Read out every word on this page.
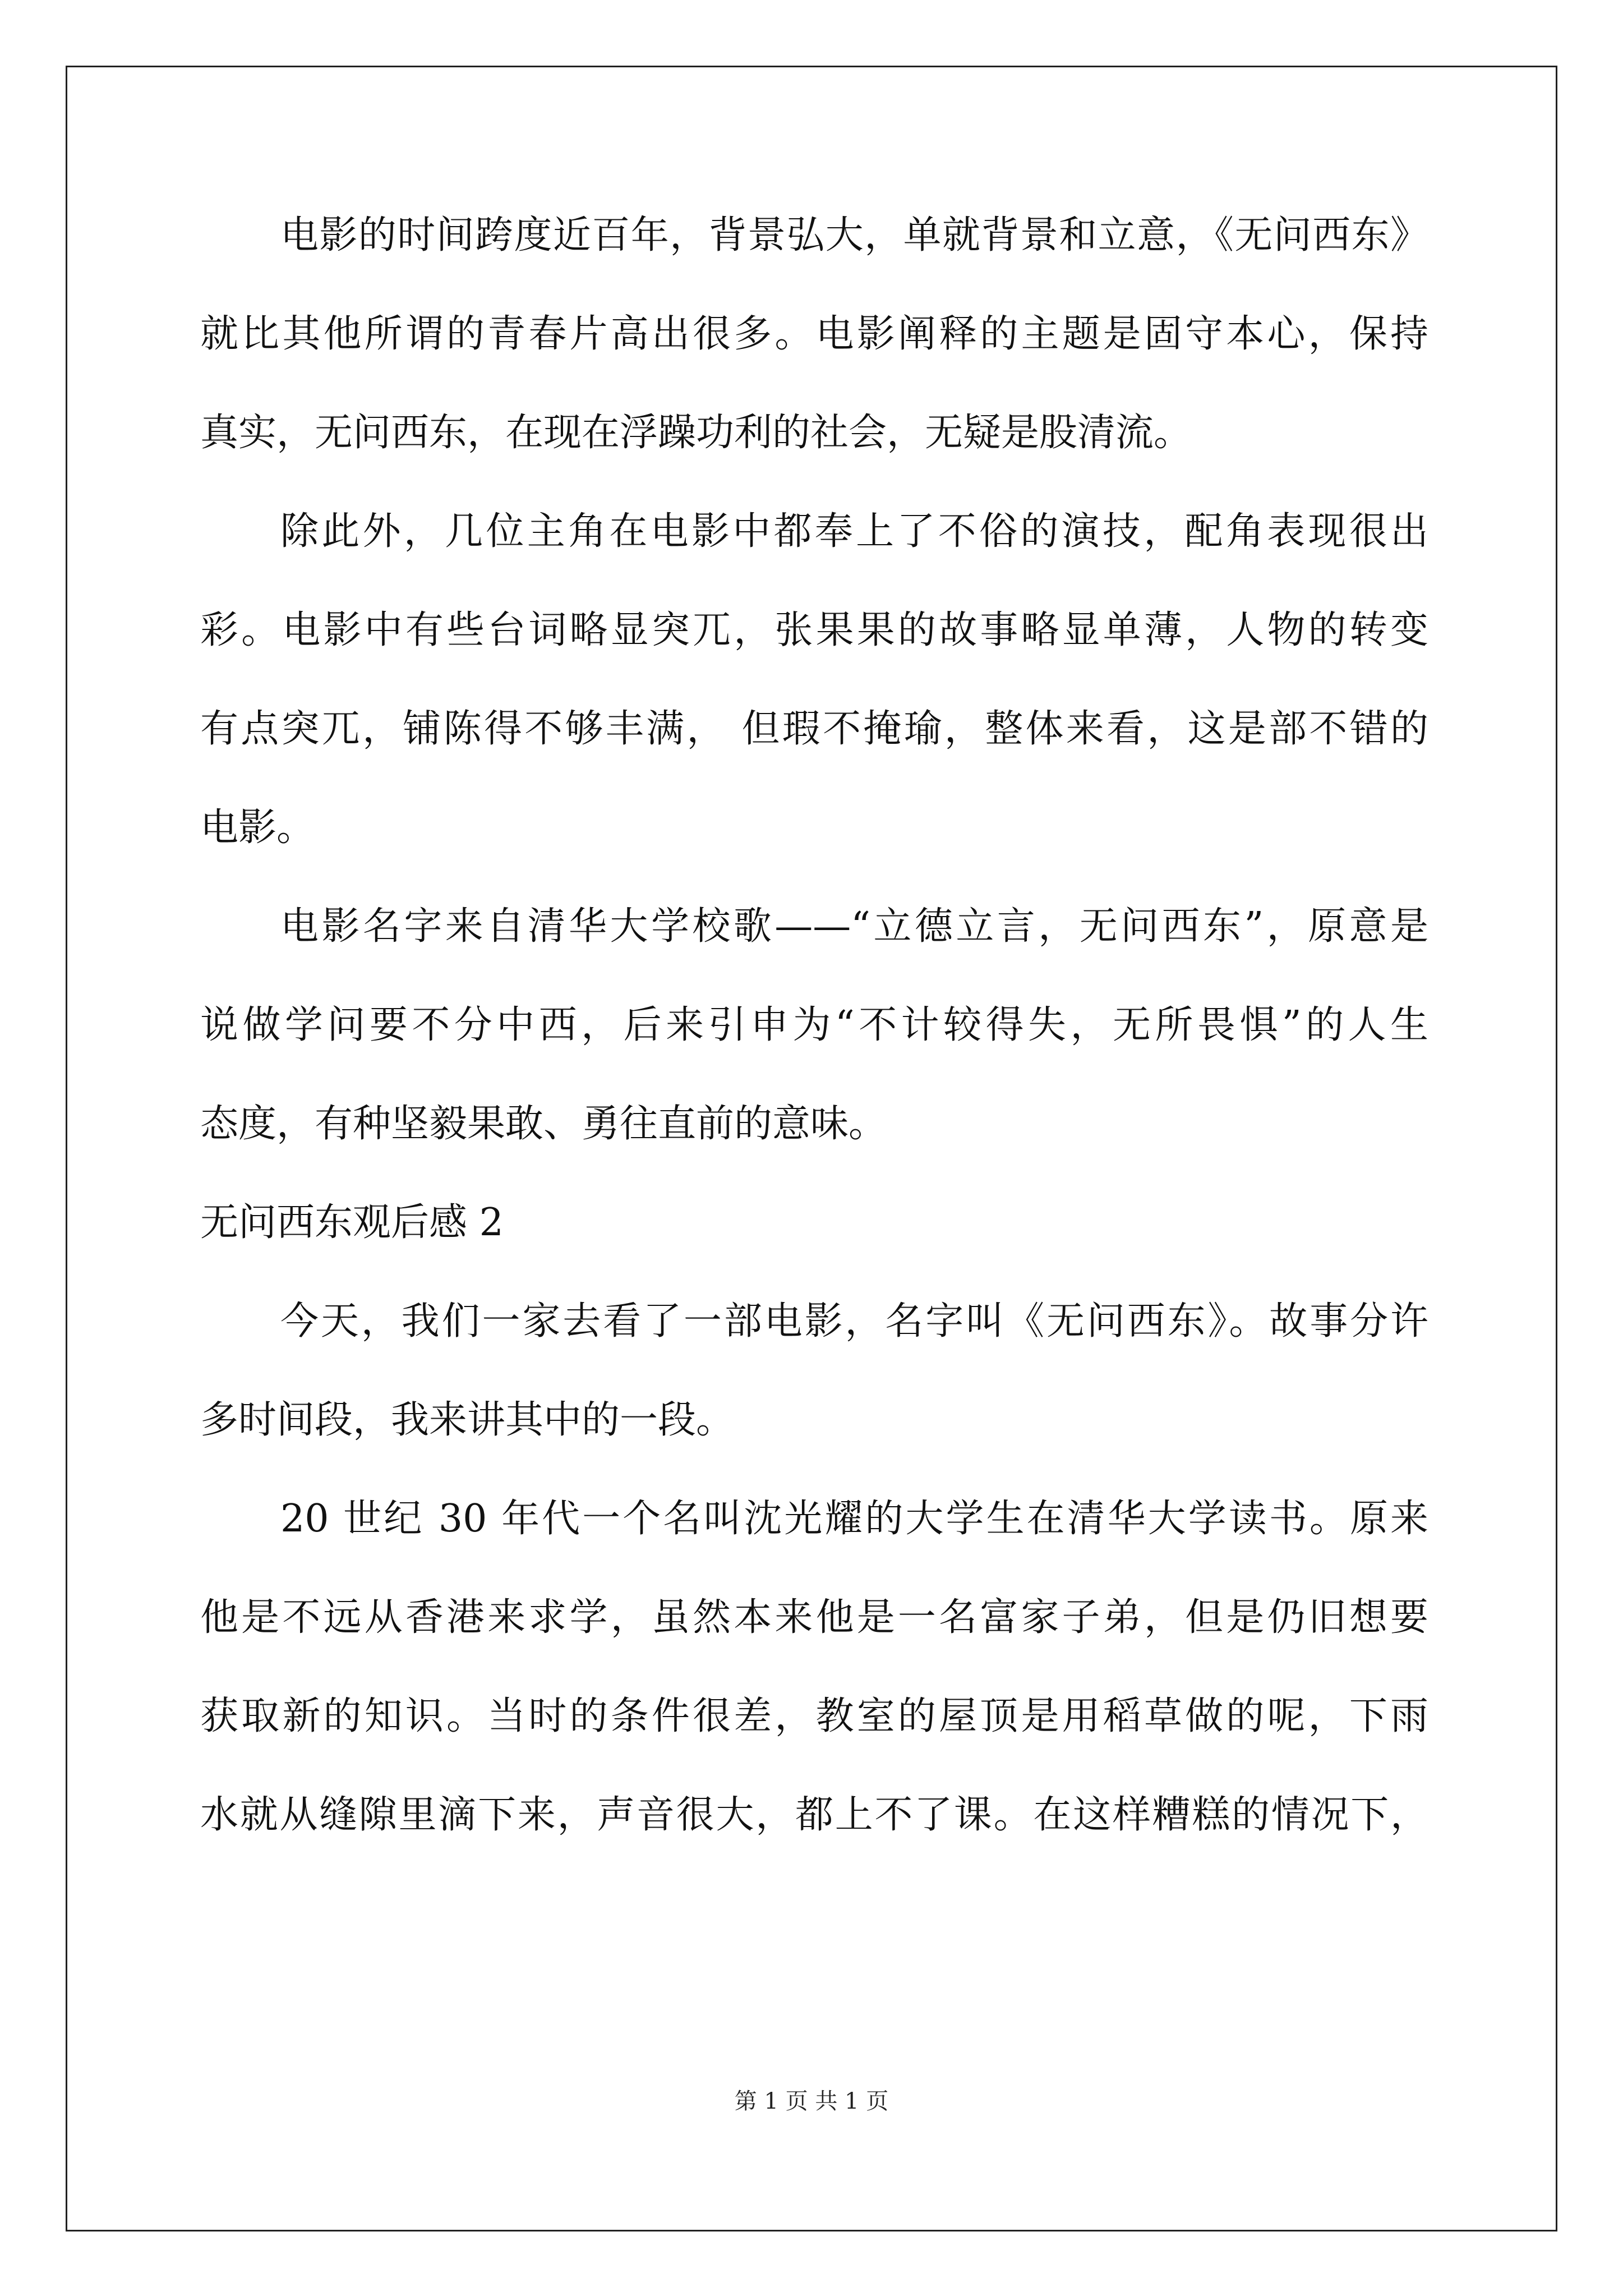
电影的时间跨度近百年，背景弘大，单就背景和立意，《无问西东》
就比其他所谓的青春片高出很多。电影阐释的主题是固守本心，保持
真实，无问西东，在现在浮躁功利的社会，无疑是股清流。
除此外，几位主角在电影中都奉上了不俗的演技，配角表现很出
彩。电影中有些台词略显突兀，张果果的故事略显单薄，人物的转变
有点突兀，铺陈得不够丰满， 但瑕不掩瑜，整体来看，这是部不错的
电影。
电影名字来自清华大学校歌——“立德立言，无问西东”，原意是
说做学问要不分中西，后来引申为“不计较得失，无所畏惧”的人生
态度，有种坚毅果敢、勇往直前的意味。
无问西东观后感 2
今天，我们一家去看了一部电影，名字叫《无问西东》。故事分许
多时间段，我来讲其中的一段。
20 世纪 30 年代一个名叫沈光耀的大学生在清华大学读书。原来
他是不远从香港来求学，虽然本来他是一名富家子弟，但是仍旧想要
获取新的知识。当时的条件很差，教室的屋顶是用稻草做的呢，下雨
水就从缝隙里滴下来，声音很大，都上不了课。在这样糟糕的情况下，
第 1 页 共 1 页
